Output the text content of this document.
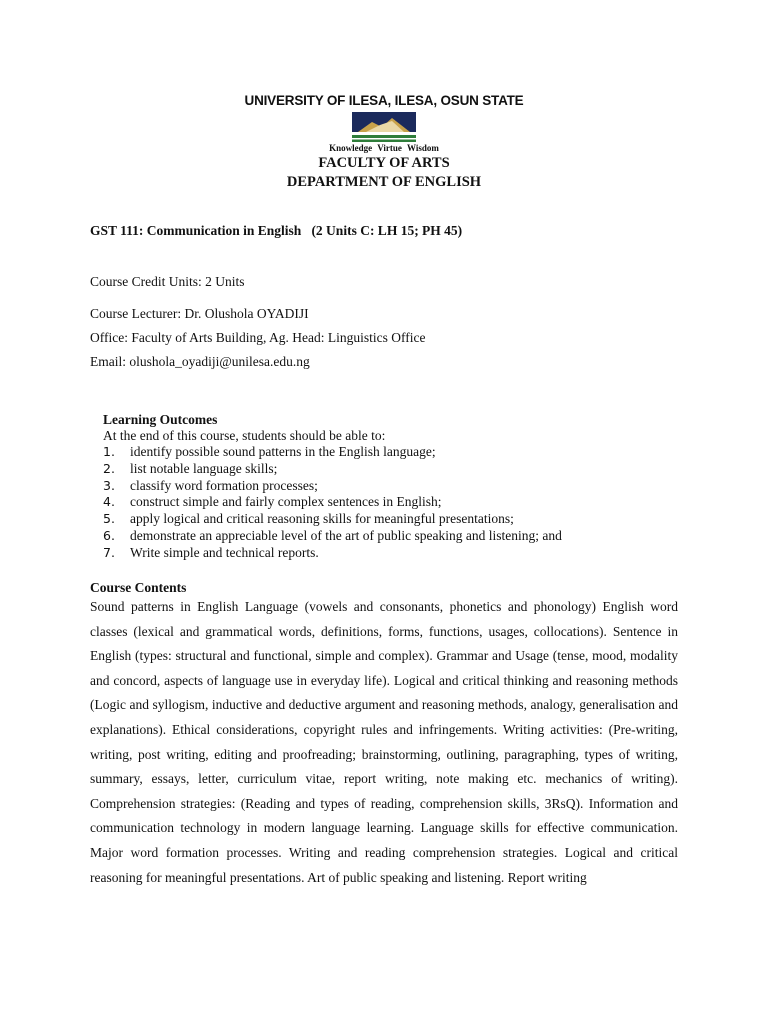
UNIVERSITY OF ILESA, ILESA, OSUN STATE
Knowledge Virtue Wisdom
FACULTY OF ARTS
DEPARTMENT OF ENGLISH
GST 111: Communication in English   (2 Units C: LH 15; PH 45)
Course Credit Units: 2 Units
Course Lecturer: Dr. Olushola OYADIJI
Office: Faculty of Arts Building, Ag. Head: Linguistics Office
Email: olushola_oyadiji@unilesa.edu.ng
Learning Outcomes
At the end of this course, students should be able to:
1. identify possible sound patterns in the English language;
2. list notable language skills;
3. classify word formation processes;
4. construct simple and fairly complex sentences in English;
5. apply logical and critical reasoning skills for meaningful presentations;
6. demonstrate an appreciable level of the art of public speaking and listening; and
7. Write simple and technical reports.
Course Contents
Sound patterns in English Language (vowels and consonants, phonetics and phonology) English word classes (lexical and grammatical words, definitions, forms, functions, usages, collocations). Sentence in English (types: structural and functional, simple and complex). Grammar and Usage (tense, mood, modality and concord, aspects of language use in everyday life). Logical and critical thinking and reasoning methods (Logic and syllogism, inductive and deductive argument and reasoning methods, analogy, generalisation and explanations). Ethical considerations, copyright rules and infringements. Writing activities: (Pre-writing, writing, post writing, editing and proofreading; brainstorming, outlining, paragraphing, types of writing, summary, essays, letter, curriculum vitae, report writing, note making etc. mechanics of writing). Comprehension strategies: (Reading and types of reading, comprehension skills, 3RsQ). Information and communication technology in modern language learning. Language skills for effective communication. Major word formation processes. Writing and reading comprehension strategies. Logical and critical reasoning for meaningful presentations. Art of public speaking and listening. Report writing
